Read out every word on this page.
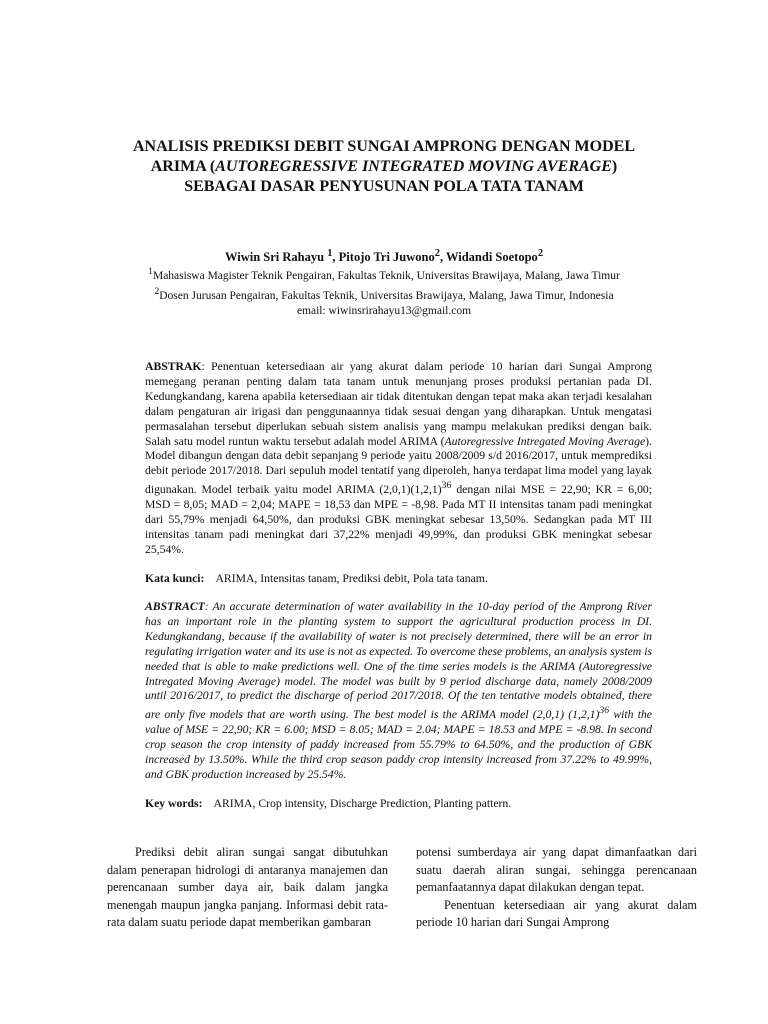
ANALISIS PREDIKSI DEBIT SUNGAI AMPRONG DENGAN MODEL
ARIMA (AUTOREGRESSIVE INTEGRATED MOVING AVERAGE)
SEBAGAI DASAR PENYUSUNAN POLA TATA TANAM
Wiwin Sri Rahayu $^1$, Pitojo Tri Juwono$^2$, Widandi Soetopo$^2$
$^1$Mahasiswa Magister Teknik Pengairan, Fakultas Teknik, Universitas Brawijaya, Malang, Jawa Timur
$^2$Dosen Jurusan Pengairan, Fakultas Teknik, Universitas Brawijaya, Malang, Jawa Timur, Indonesia
email: wiwinsrirahayu13@gmail.com
ABSTRAK: Penentuan ketersediaan air yang akurat dalam periode 10 harian dari Sungai Amprong memegang peranan penting dalam tata tanam untuk menunjang proses produksi pertanian pada DI. Kedungkandang, karena apabila ketersediaan air tidak ditentukan dengan tepat maka akan terjadi kesalahan dalam pengaturan air irigasi dan penggunaannya tidak sesuai dengan yang diharapkan. Untuk mengatasi permasalahan tersebut diperlukan sebuah sistem analisis yang mampu melakukan prediksi dengan baik. Salah satu model runtun waktu tersebut adalah model ARIMA (Autoregressive Intregated Moving Average). Model dibangun dengan data debit sepanjang 9 periode yaitu 2008/2009 s/d 2016/2017, untuk memprediksi debit periode 2017/2018. Dari sepuluh model tentatif yang diperoleh, hanya terdapat lima model yang layak digunakan. Model terbaik yaitu model ARIMA $(2,0,1)(1,2,1)^{36}$ dengan nilai MSE = 22,90; KR = 6,00; MSD = 8,05; MAD = 2,04; MAPE = 18,53 dan MPE = -8,98. Pada MT II intensitas tanam padi meningkat dari 55,79% menjadi 64,50%, dan produksi GBK meningkat sebesar 13,50%. Sedangkan pada MT III intensitas tanam padi meningkat dari 37,22% menjadi 49,99%, dan produksi GBK meningkat sebesar 25,54%.
Kata kunci: ARIMA, Intensitas tanam, Prediksi debit, Pola tata tanam.
ABSTRACT: An accurate determination of water availability in the 10-day period of the Amprong River has an important role in the planting system to support the agricultural production process in DI. Kedungkandang, because if the availability of water is not precisely determined, there will be an error in regulating irrigation water and its use is not as expected. To overcome these problems, an analysis system is needed that is able to make predictions well. One of the time series models is the ARIMA (Autoregressive Intregated Moving Average) model. The model was built by 9 period discharge data, namely 2008/2009 until 2016/2017, to predict the discharge of period 2017/2018. Of the ten tentative models obtained, there are only five models that are worth using. The best model is the ARIMA model (2,0,1) $(1,2,1)^{36}$ with the value of MSE = 22,90; KR = 6.00; MSD = 8.05; MAD = 2.04; MAPE = 18.53 and MPE = -8.98. In second crop season the crop intensity of paddy increased from 55.79% to 64.50%, and the production of GBK increased by 13.50%. While the third crop season paddy crop intensity increased from 37.22% to 49.99%, and GBK production increased by 25.54%.
Key words: ARIMA, Crop intensity, Discharge Prediction, Planting pattern.

Prediksi debit aliran sungai sangat dibutuhkan dalam penerapan hidrologi di antaranya manajemen dan perencanaan sumber daya air, baik dalam jangka menengah maupun jangka panjang. Informasi debit rata-rata dalam suatu periode dapat memberikan gambaran

potensi sumberdaya air yang dapat dimanfaatkan dari suatu daerah aliran sungai, sehingga perencanaan pemanfaatannya dapat dilakukan dengan tepat.

Penentuan ketersediaan air yang akurat dalam periode 10 harian dari Sungai Amprong
